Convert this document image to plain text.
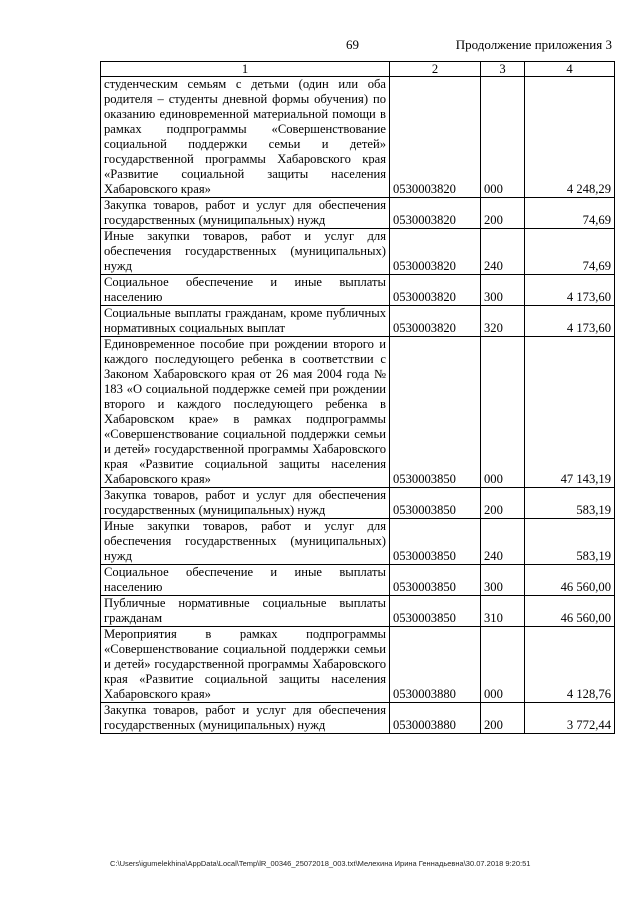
69	Продолжение приложения 3
1	2	3	4
студенческим семьям с детьми (один или оба родителя – студенты дневной формы обучения) по оказанию единовременной материальной помощи в рамках подпрограммы «Совершенствование социальной поддержки семьи и детей» государственной программы Хабаровского края «Развитие социальной защиты населения Хабаровского края»	0530003820	000	4 248,29
Закупка товаров, работ и услуг для обеспечения государственных (муниципальных) нужд	0530003820	200	74,69
Иные закупки товаров, работ и услуг для обеспечения государственных (муниципальных) нужд	0530003820	240	74,69
Социальное обеспечение и иные выплаты населению	0530003820	300	4 173,60
Социальные выплаты гражданам, кроме публичных нормативных социальных выплат	0530003820	320	4 173,60
Единовременное пособие при рождении второго и каждого последующего ребенка в соответствии с Законом Хабаровского края от 26 мая 2004 года № 183 «О социальной поддержке семей при рождении второго и каждого последующего ребенка в Хабаровском крае» в рамках подпрограммы «Совершенствование социальной поддержки семьи и детей» государственной программы Хабаровского края «Развитие социальной защиты населения Хабаровского края»	0530003850	000	47 143,19
Закупка товаров, работ и услуг для обеспечения государственных (муниципальных) нужд	0530003850	200	583,19
Иные закупки товаров, работ и услуг для обеспечения государственных (муниципальных) нужд	0530003850	240	583,19
Социальное обеспечение и иные выплаты населению	0530003850	300	46 560,00
Публичные нормативные социальные выплаты гражданам	0530003850	310	46 560,00
Мероприятия в рамках подпрограммы «Совершенствование социальной поддержки семьи и детей» государственной программы Хабаровского края «Развитие социальной защиты населения Хабаровского края»	0530003880	000	4 128,76
Закупка товаров, работ и услуг для обеспечения государственных (муниципальных) нужд	0530003880	200	3 772,44
C:\Users\igumelekhina\AppData\Local\Temp\lR_00346_25072018_003.txt\Мелехина Ирина Геннадьевна\30.07.2018 9:20:51
